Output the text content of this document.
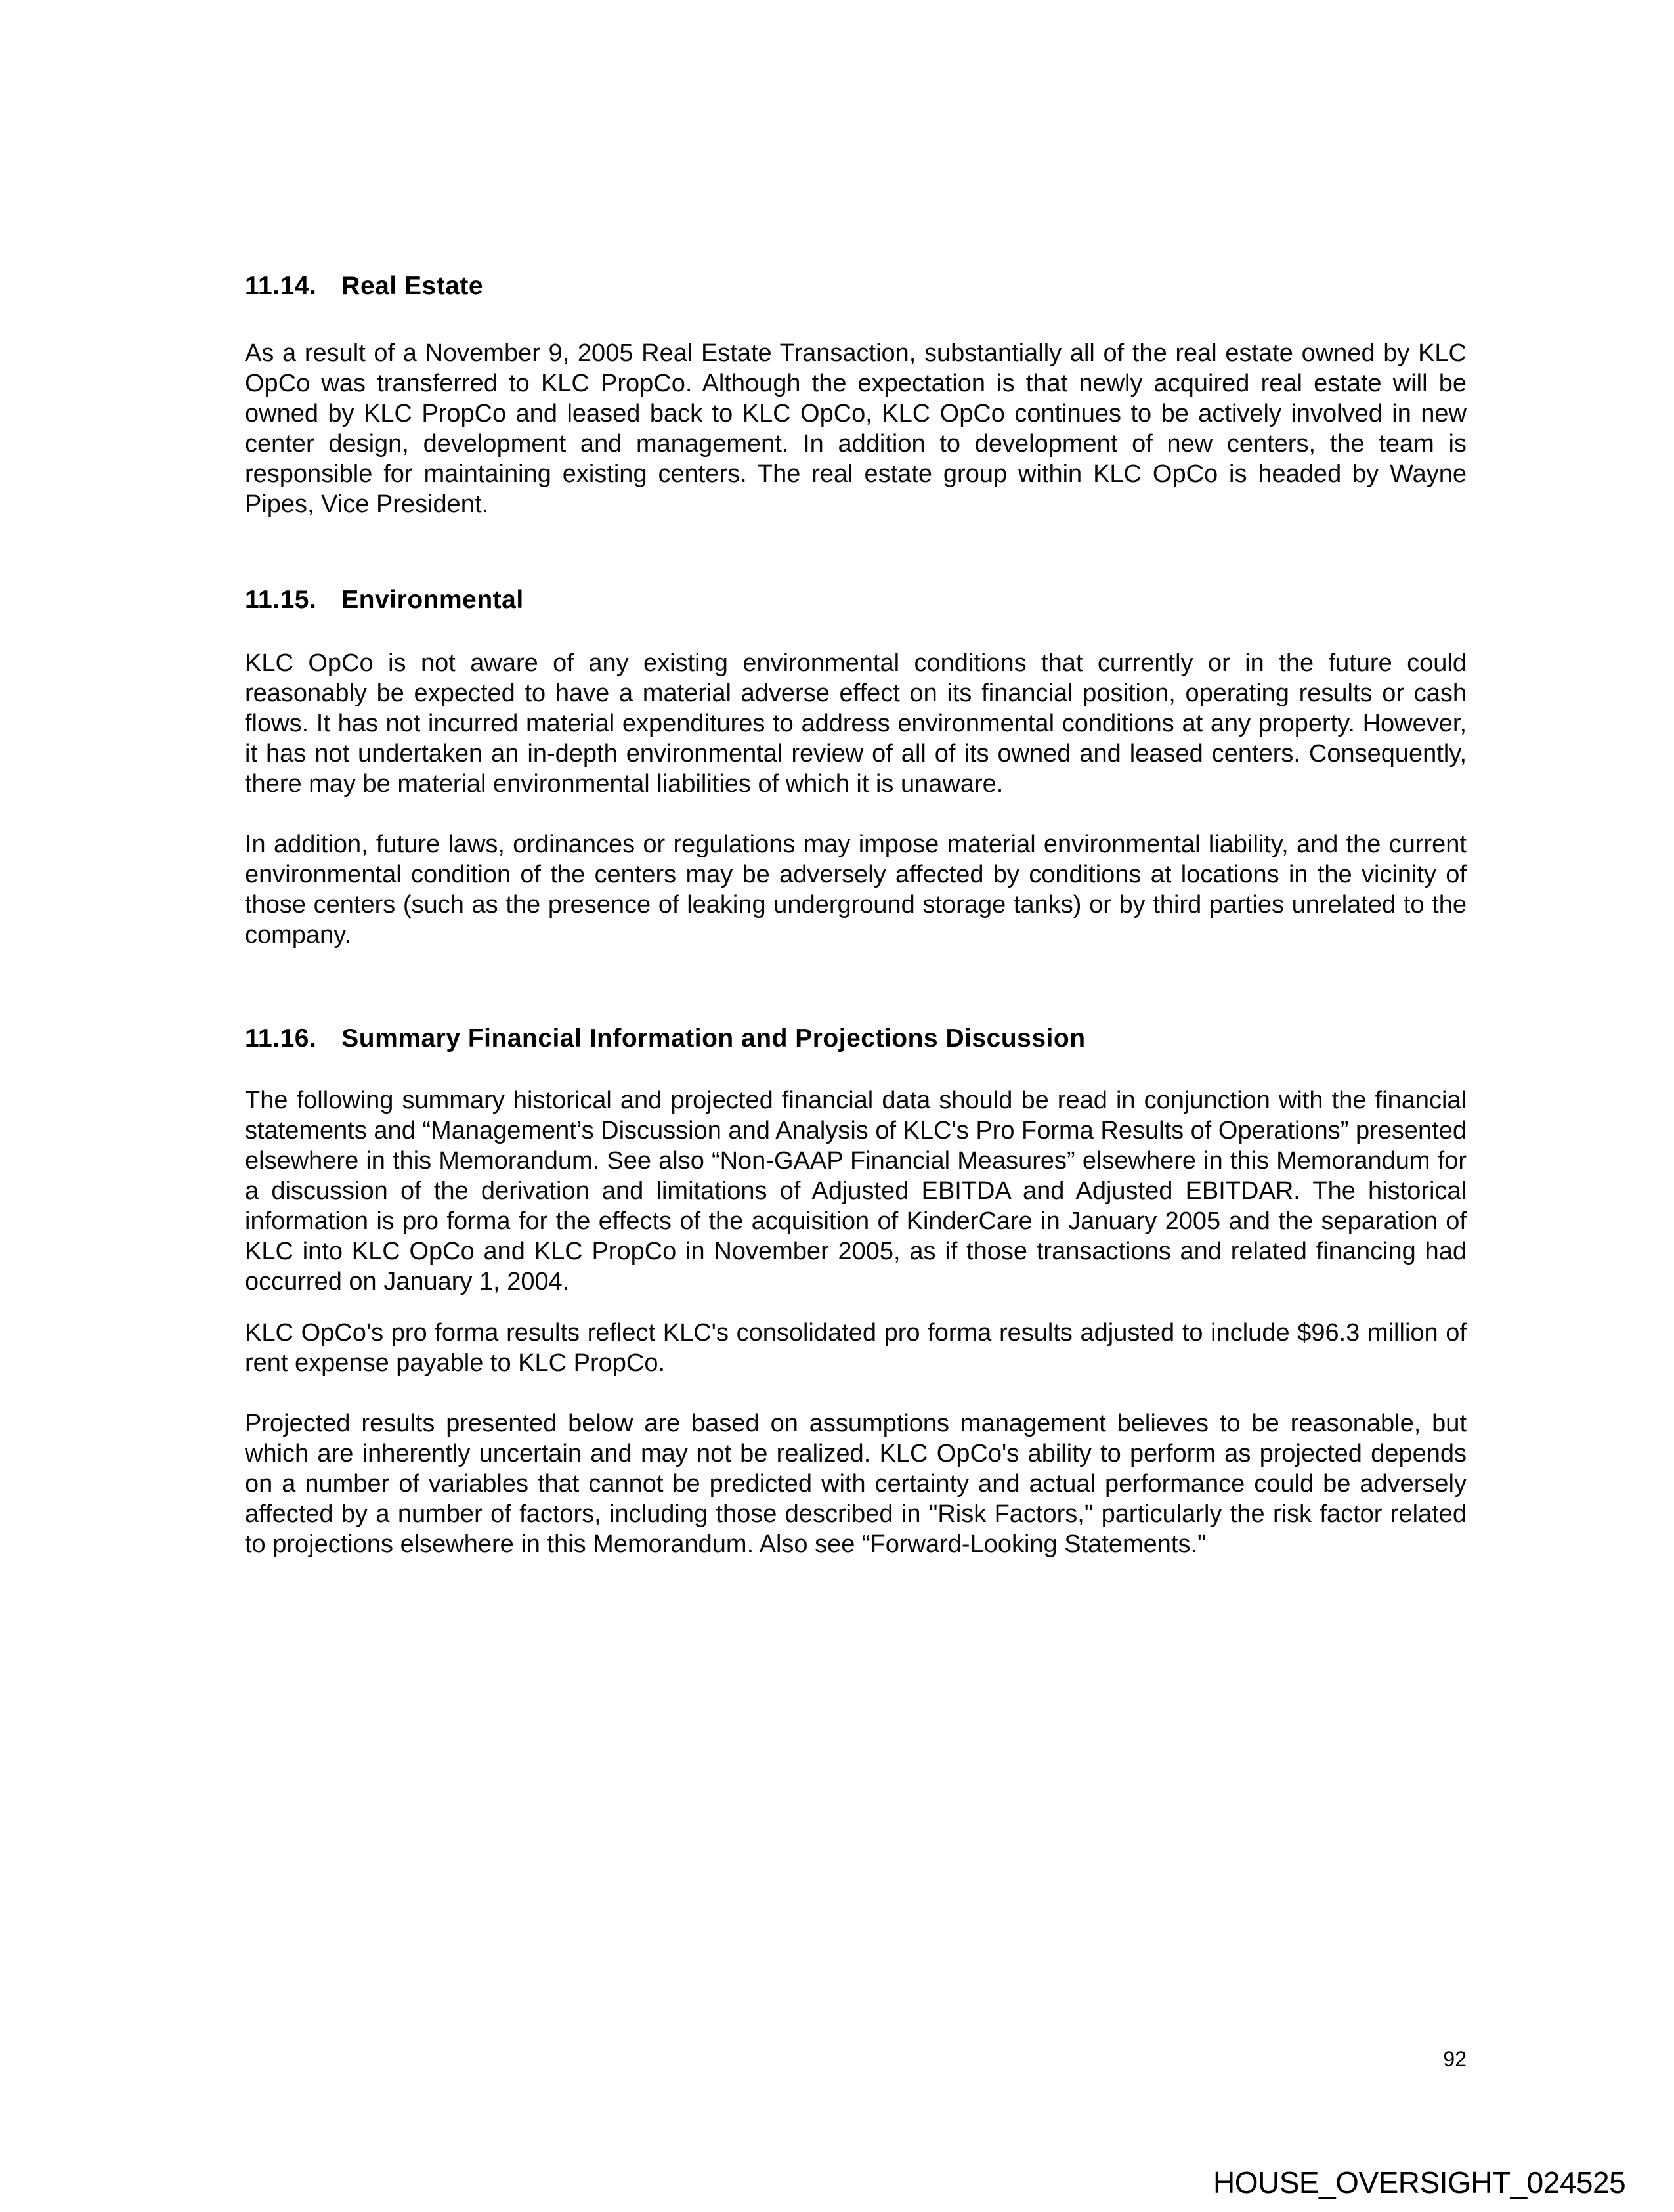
11.14. Real Estate

As a result of a November 9, 2005 Real Estate Transaction, substantially all of the real estate owned by KLC OpCo was transferred to KLC PropCo. Although the expectation is that newly acquired real estate will be owned by KLC PropCo and leased back to KLC OpCo, KLC OpCo continues to be actively involved in new center design, development and management. In addition to development of new centers, the team is responsible for maintaining existing centers. The real estate group within KLC OpCo is headed by Wayne Pipes, Vice President.

11.15. Environmental

KLC OpCo is not aware of any existing environmental conditions that currently or in the future could reasonably be expected to have a material adverse effect on its financial position, operating results or cash flows. It has not incurred material expenditures to address environmental conditions at any property. However, it has not undertaken an in-depth environmental review of all of its owned and leased centers. Consequently, there may be material environmental liabilities of which it is unaware.

In addition, future laws, ordinances or regulations may impose material environmental liability, and the current environmental condition of the centers may be adversely affected by conditions at locations in the vicinity of those centers (such as the presence of leaking underground storage tanks) or by third parties unrelated to the company.

11.16. Summary Financial Information and Projections Discussion

The following summary historical and projected financial data should be read in conjunction with the financial statements and “Management’s Discussion and Analysis of KLC's Pro Forma Results of Operations” presented elsewhere in this Memorandum. See also “Non-GAAP Financial Measures” elsewhere in this Memorandum for a discussion of the derivation and limitations of Adjusted EBITDA and Adjusted EBITDAR. The historical information is pro forma for the effects of the acquisition of KinderCare in January 2005 and the separation of KLC into KLC OpCo and KLC PropCo in November 2005, as if those transactions and related financing had occurred on January 1, 2004.

KLC OpCo's pro forma results reflect KLC's consolidated pro forma results adjusted to include $96.3 million of rent expense payable to KLC PropCo.

Projected results presented below are based on assumptions management believes to be reasonable, but which are inherently uncertain and may not be realized. KLC OpCo's ability to perform as projected depends on a number of variables that cannot be predicted with certainty and actual performance could be adversely affected by a number of factors, including those described in "Risk Factors," particularly the risk factor related to projections elsewhere in this Memorandum. Also see “Forward-Looking Statements."

92
HOUSE_OVERSIGHT_024525
